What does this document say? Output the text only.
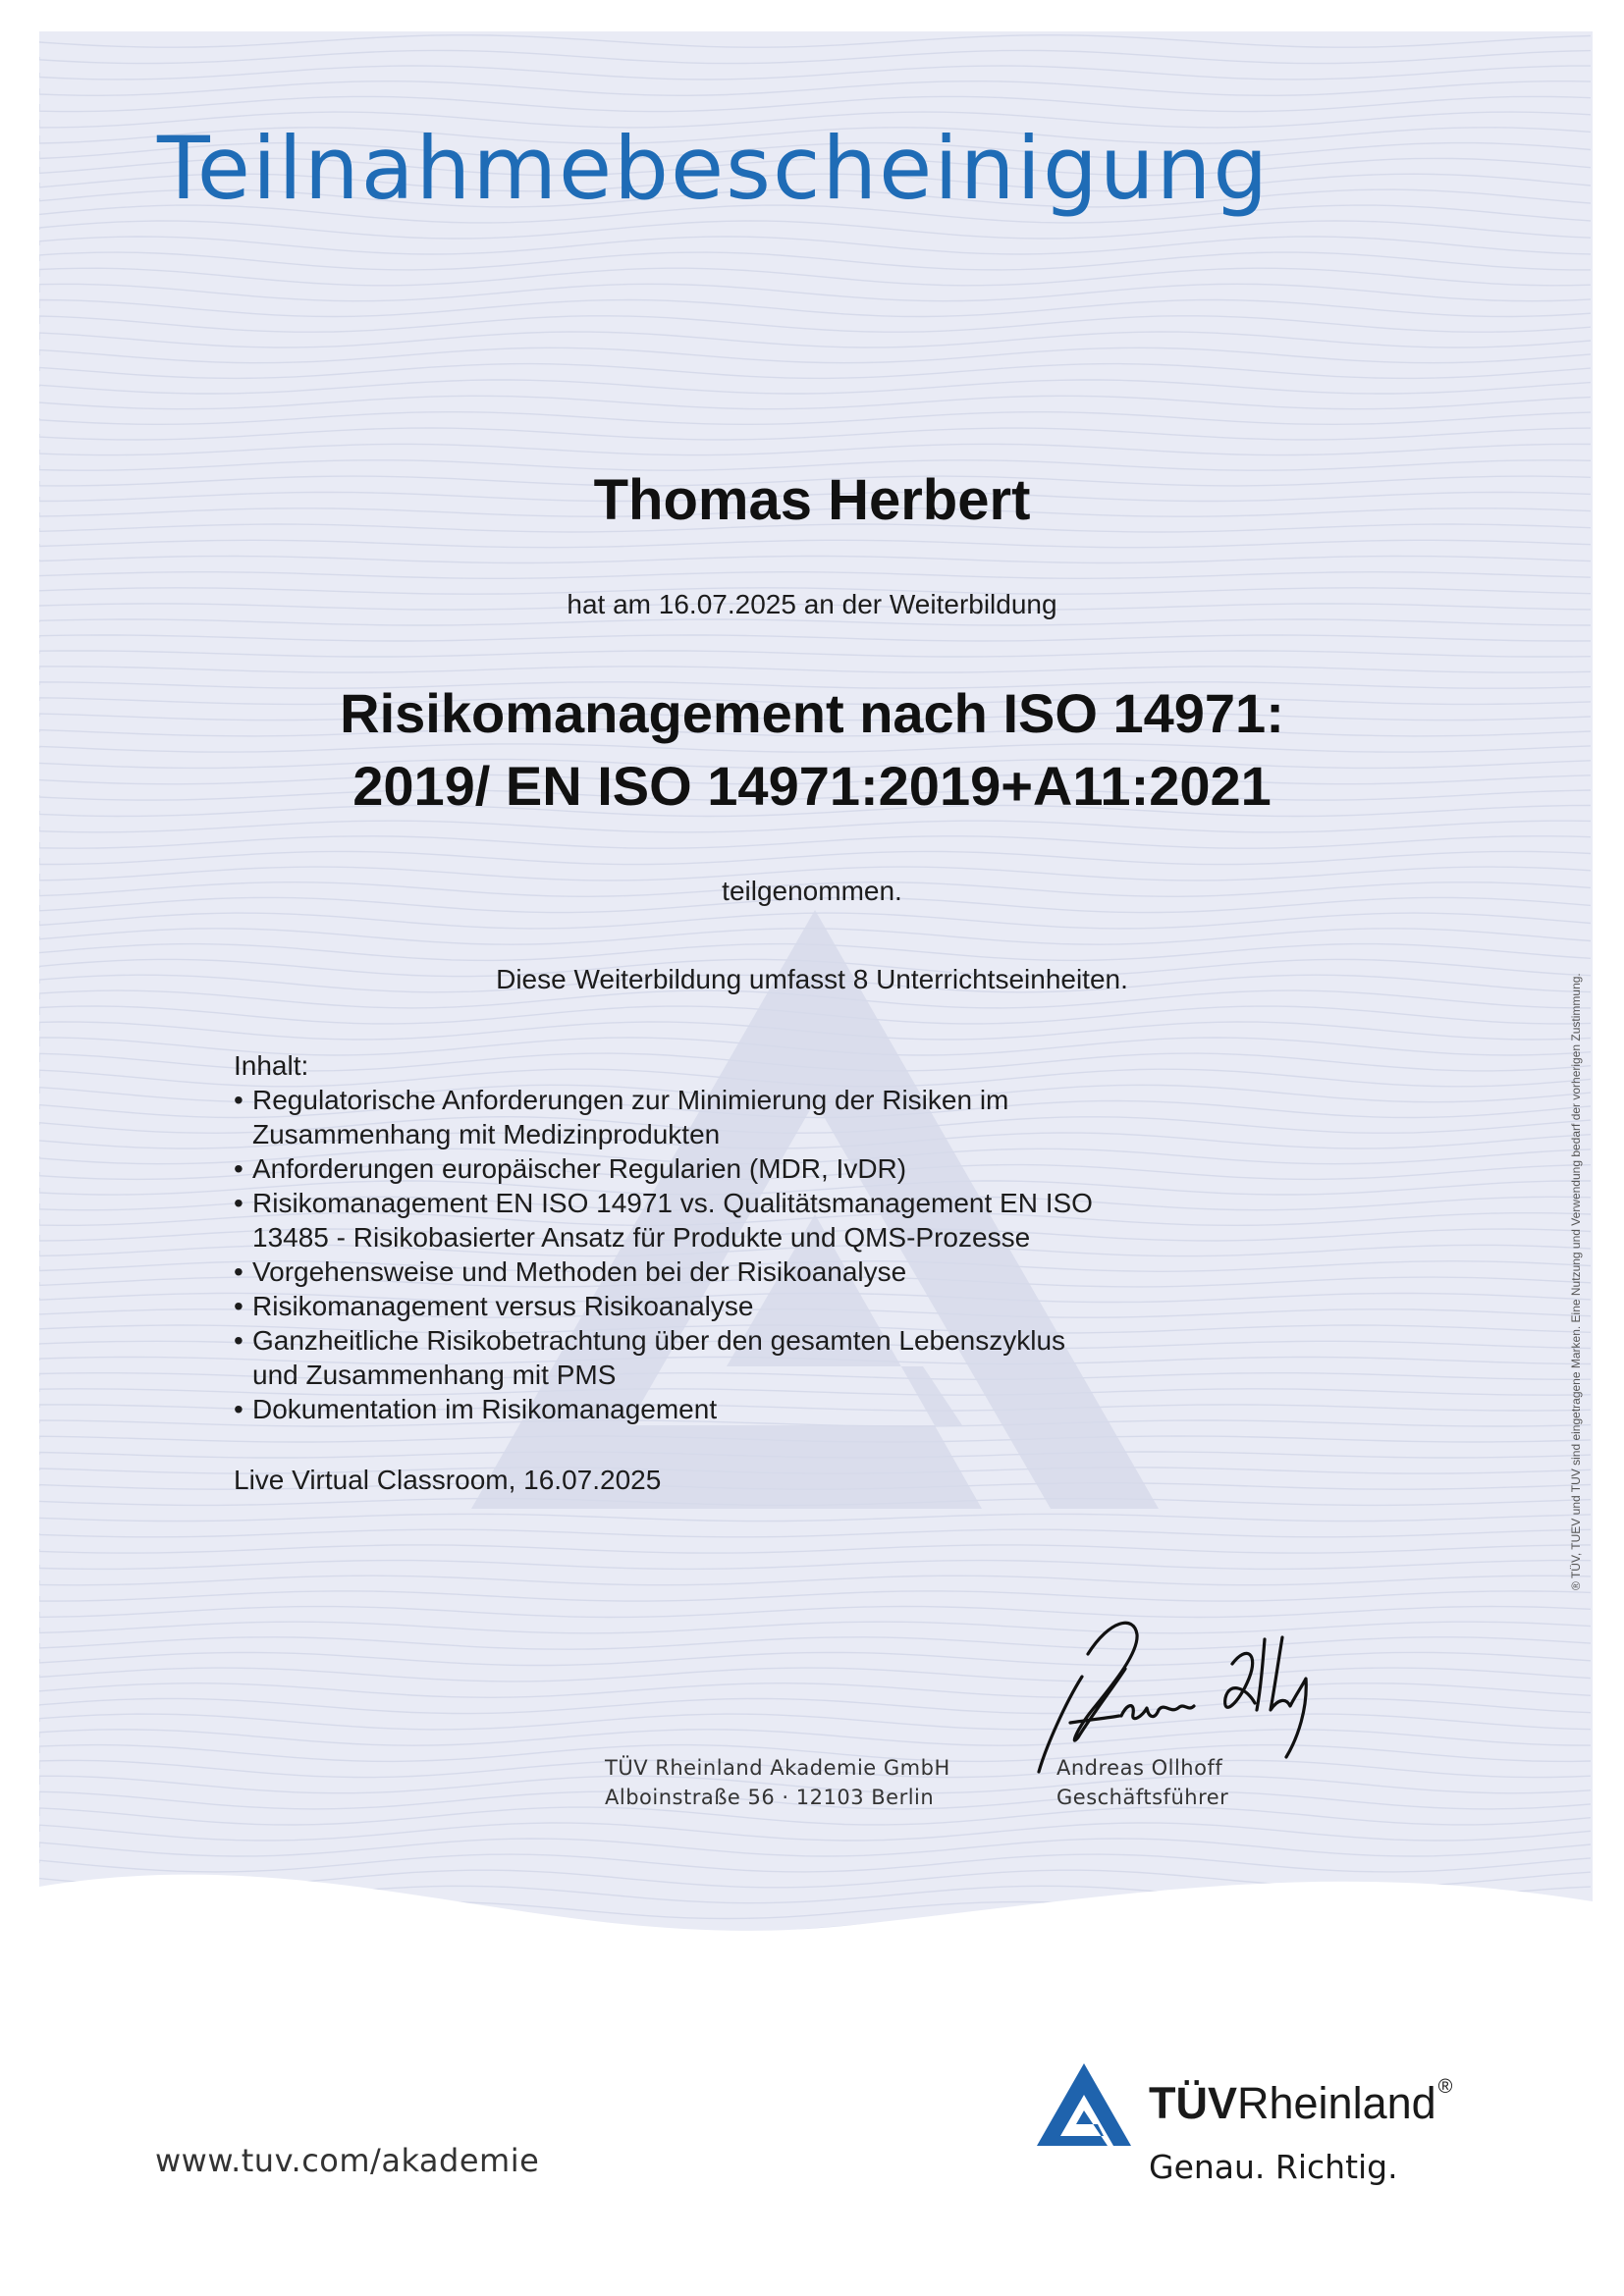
Teilnahmebescheinigung
Thomas Herbert
hat am 16.07.2025 an der Weiterbildung
Risikomanagement nach ISO 14971:
2019/ EN ISO 14971:2019+A11:2021
teilgenommen.
Diese Weiterbildung umfasst 8 Unterrichtseinheiten.
Inhalt:
• Regulatorische Anforderungen zur Minimierung der Risiken im
Zusammenhang mit Medizinprodukten
• Anforderungen europäischer Regularien (MDR, IvDR)
• Risikomanagement EN ISO 14971 vs. Qualitätsmanagement EN ISO
13485 - Risikobasierter Ansatz für Produkte und QMS-Prozesse
• Vorgehensweise und Methoden bei der Risikoanalyse
• Risikomanagement versus Risikoanalyse
• Ganzheitliche Risikobetrachtung über den gesamten Lebenszyklus
und Zusammenhang mit PMS
• Dokumentation im Risikomanagement
Live Virtual Classroom, 16.07.2025
TÜV Rheinland Akademie GmbH
Alboinstraße 56 · 12103 Berlin
Andreas Ollhoff
Geschäftsführer
® TÜV, TUEV und TUV sind eingetragene Marken. Eine Nutzung und Verwendung bedarf der vorherigen Zustimmung.
www.tuv.com/akademie
TÜVRheinland ®
Genau. Richtig.
